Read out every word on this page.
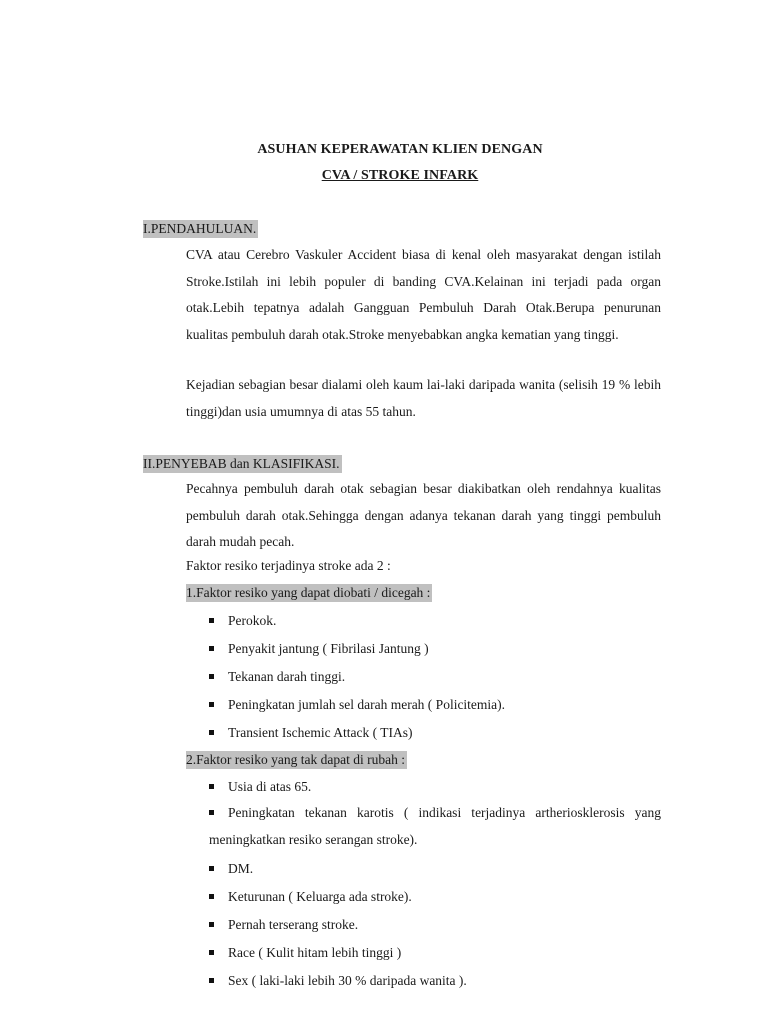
ASUHAN KEPERAWATAN KLIEN DENGAN
CVA / STROKE INFARK
I.PENDAHULUAN.

CVA atau Cerebro Vaskuler Accident biasa di kenal oleh masyarakat dengan istilah Stroke.Istilah ini lebih populer di banding CVA.Kelainan ini terjadi pada organ otak.Lebih tepatnya adalah Gangguan Pembuluh Darah Otak.Berupa penurunan kualitas pembuluh darah otak.Stroke menyebabkan angka kematian yang tinggi.

Kejadian sebagian besar dialami oleh kaum lai-laki daripada wanita (selisih 19 % lebih tinggi)dan usia umumnya di atas 55 tahun.

II.PENYEBAB dan KLASIFIKASI.

Pecahnya pembuluh darah otak sebagian besar diakibatkan oleh rendahnya kualitas pembuluh darah otak.Sehingga dengan adanya tekanan darah yang tinggi pembuluh darah mudah pecah.

Faktor resiko terjadinya stroke ada 2 :
1.Faktor resiko yang dapat diobati / dicegah :
Perokok.
Penyakit jantung ( Fibrilasi Jantung )
Tekanan darah tinggi.
Peningkatan jumlah sel darah merah ( Policitemia).
Transient Ischemic Attack ( TIAs)
2.Faktor resiko yang tak dapat di rubah :
Usia di atas 65.

Peningkatan tekanan karotis ( indikasi terjadinya artheriosklerosis yang meningkatkan resiko serangan stroke).

DM.
Keturunan ( Keluarga ada stroke).
Pernah terserang stroke.
Race ( Kulit hitam lebih tinggi )
Sex ( laki-laki lebih 30 % daripada wanita ).
